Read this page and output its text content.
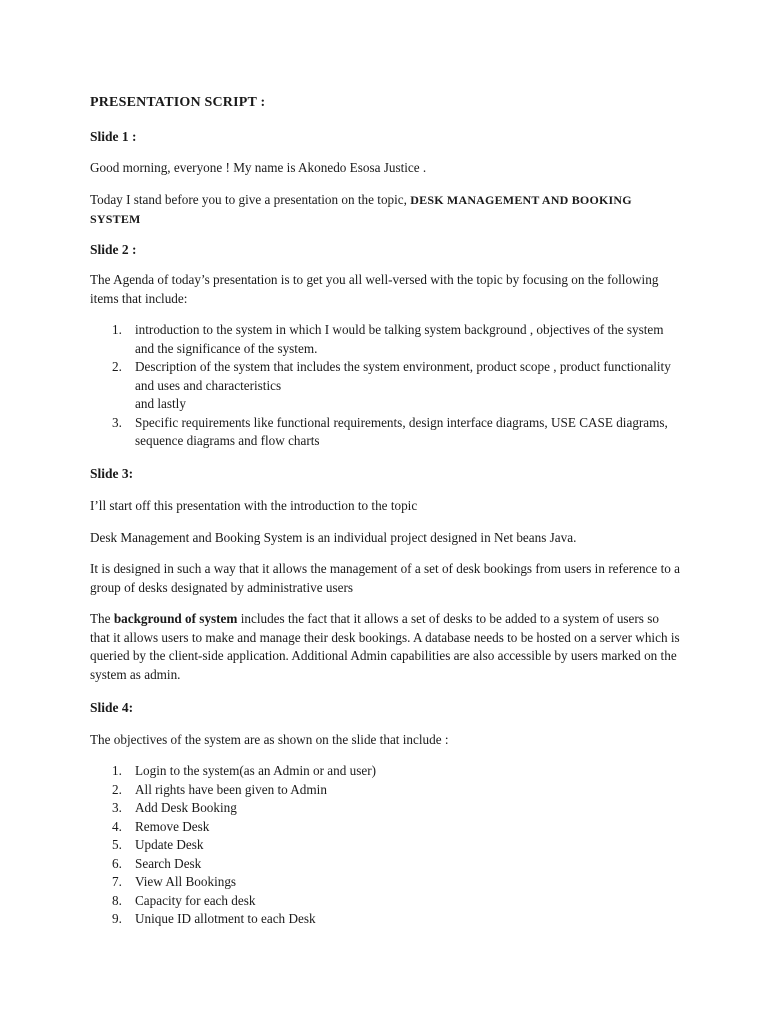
PRESENTATION SCRIPT :
Slide 1 :
Good morning, everyone ! My name is Akonedo Esosa Justice .
Today I stand before you to give a presentation on the topic, DESK MANAGEMENT AND BOOKING SYSTEM
Slide 2 :
The Agenda of today’s presentation is to get you all well-versed with the topic by focusing on the following items that include:
1. introduction to the system in which I would be talking system background , objectives of the system and the significance of the system.
2. Description of the system that includes the system environment, product scope , product functionality and uses and characteristics
and lastly
3. Specific requirements like functional requirements, design interface diagrams, USE CASE diagrams, sequence diagrams and flow charts
Slide 3:
I’ll start off this presentation with the introduction to the topic
Desk Management and Booking System is an individual project designed in Net beans Java.
It is designed in such a way that it allows the management of a set of desk bookings from users in reference to a group of desks designated by administrative users
The background of system includes the fact that it allows a set of desks to be added to a system of users so that it allows users to make and manage their desk bookings. A database needs to be hosted on a server which is queried by the client-side application. Additional Admin capabilities are also accessible by users marked on the system as admin.
Slide 4:
The objectives of the system are as shown on the slide that include :
1. Login to the system(as an Admin or and user)
2. All rights have been given to Admin
3. Add Desk Booking
4. Remove Desk
5. Update Desk
6. Search Desk
7. View All Bookings
8. Capacity for each desk
9. Unique ID allotment to each Desk
